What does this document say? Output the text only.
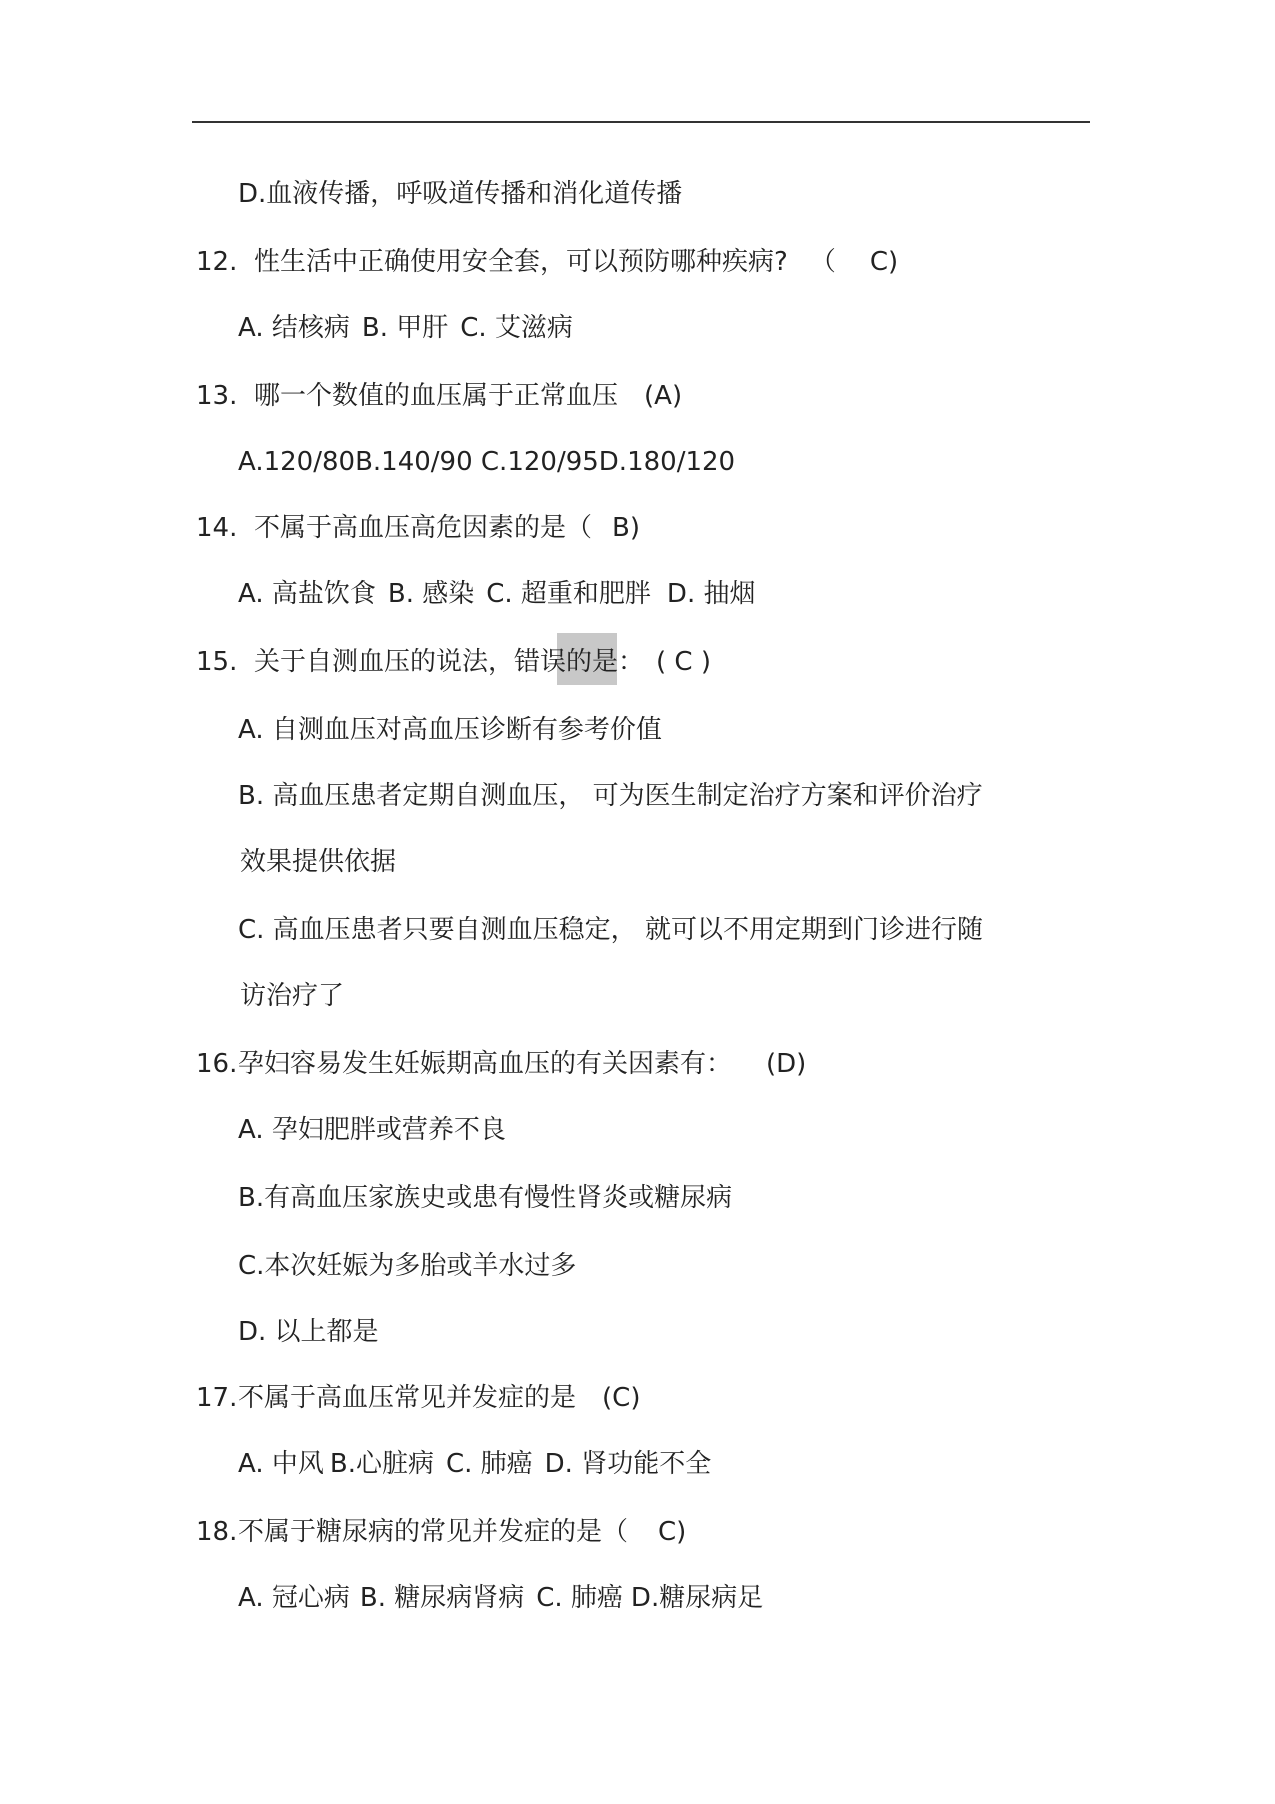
D.血液传播，呼吸道传播和消化道传播
12. 性生活中正确使用安全套，可以预防哪种疾病? （ C)
A. 结核病 B. 甲肝 C. 艾滋病
13. 哪一个数值的血压属于正常血压 (A)
A.120/80B.140/90 C.120/95D.180/120
14. 不属于高血压高危因素的是（ B)
A. 高盐饮食 B. 感染 C. 超重和肥胖 D. 抽烟
15. 关于自测血压的说法，错误的是： ( C )
A. 自测血压对高血压诊断有参考价值
B. 高血压患者定期自测血压， 可为医生制定治疗方案和评价治疗
效果提供依据
C. 高血压患者只要自测血压稳定， 就可以不用定期到门诊进行随
访治疗了
16.孕妇容易发生妊娠期高血压的有关因素有： (D)
A. 孕妇肥胖或营养不良
B.有高血压家族史或患有慢性肾炎或糖尿病
C.本次妊娠为多胎或羊水过多
D. 以上都是
17.不属于高血压常见并发症的是 (C)
A. 中风 B.心脏病 C. 肺癌 D. 肾功能不全
18.不属于糖尿病的常见并发症的是（ C)
A. 冠心病 B. 糖尿病肾病 C. 肺癌 D.糖尿病足
